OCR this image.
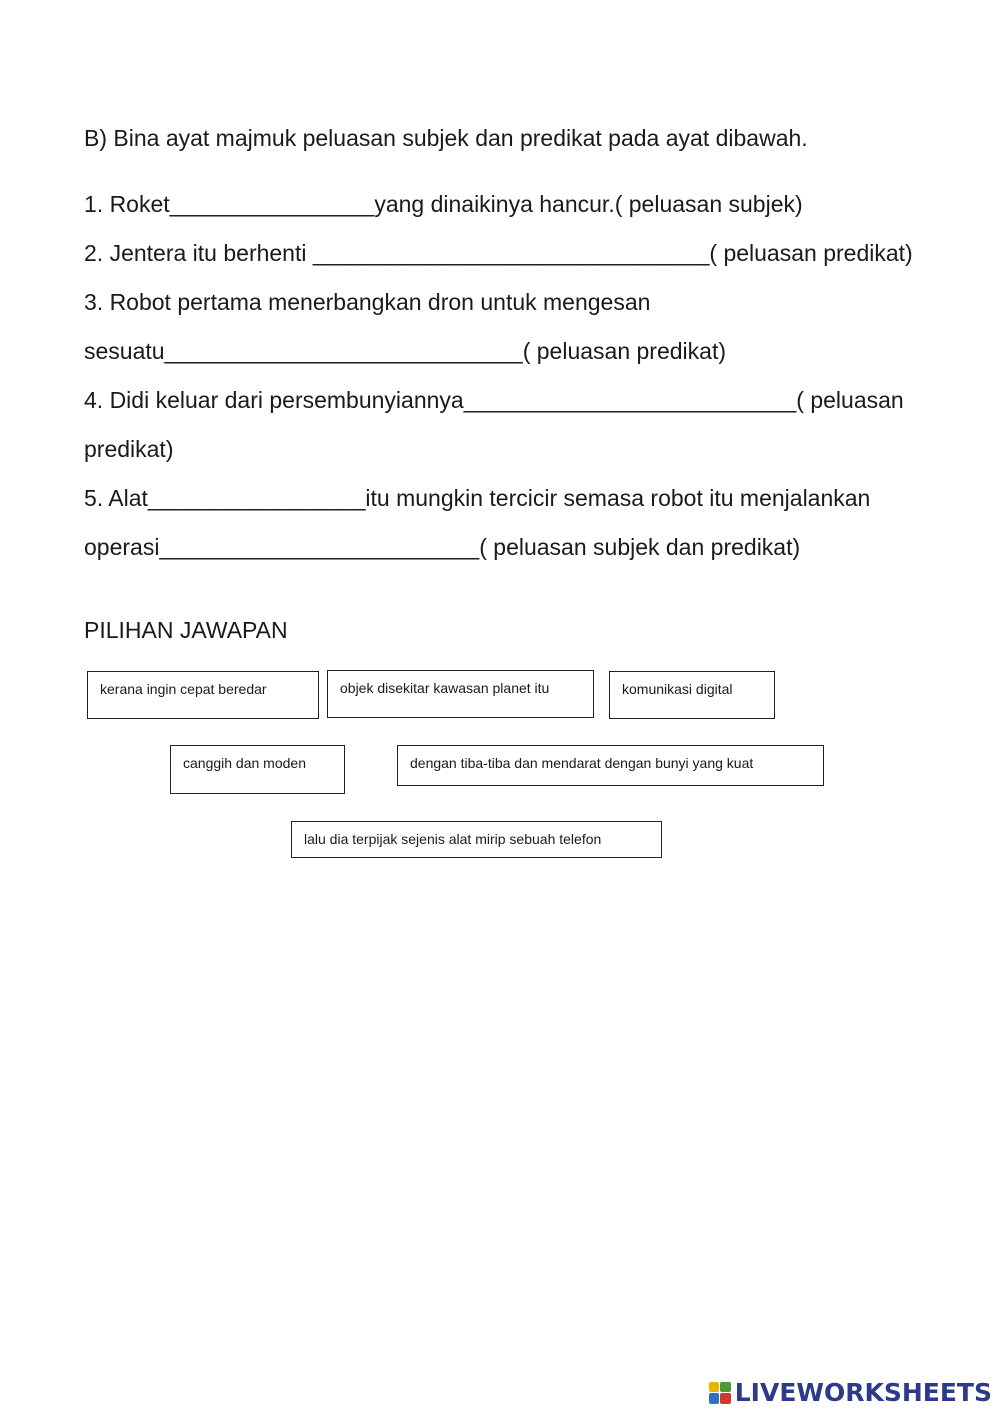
B) Bina ayat majmuk peluasan subjek dan predikat pada ayat dibawah.

1. Roket________________yang dinaikinya hancur.( peluasan subjek)

2. Jentera itu berhenti _______________________________( peluasan predikat)

3. Robot pertama menerbangkan dron untuk mengesan

sesuatu____________________________( peluasan predikat)

4. Didi keluar dari persembunyiannya__________________________( peluasan

predikat)

5. Alat_________________itu mungkin tercicir semasa robot itu menjalankan

operasi_________________________( peluasan subjek dan predikat)

PILIHAN JAWAPAN

kerana ingin cepat beredar	objek disekitar kawasan planet itu	komunikasi digital
canggih dan moden	dengan tiba-tiba dan mendarat dengan bunyi yang kuat
lalu dia terpijak sejenis alat mirip sebuah telefon
LIVEWORKSHEETS
